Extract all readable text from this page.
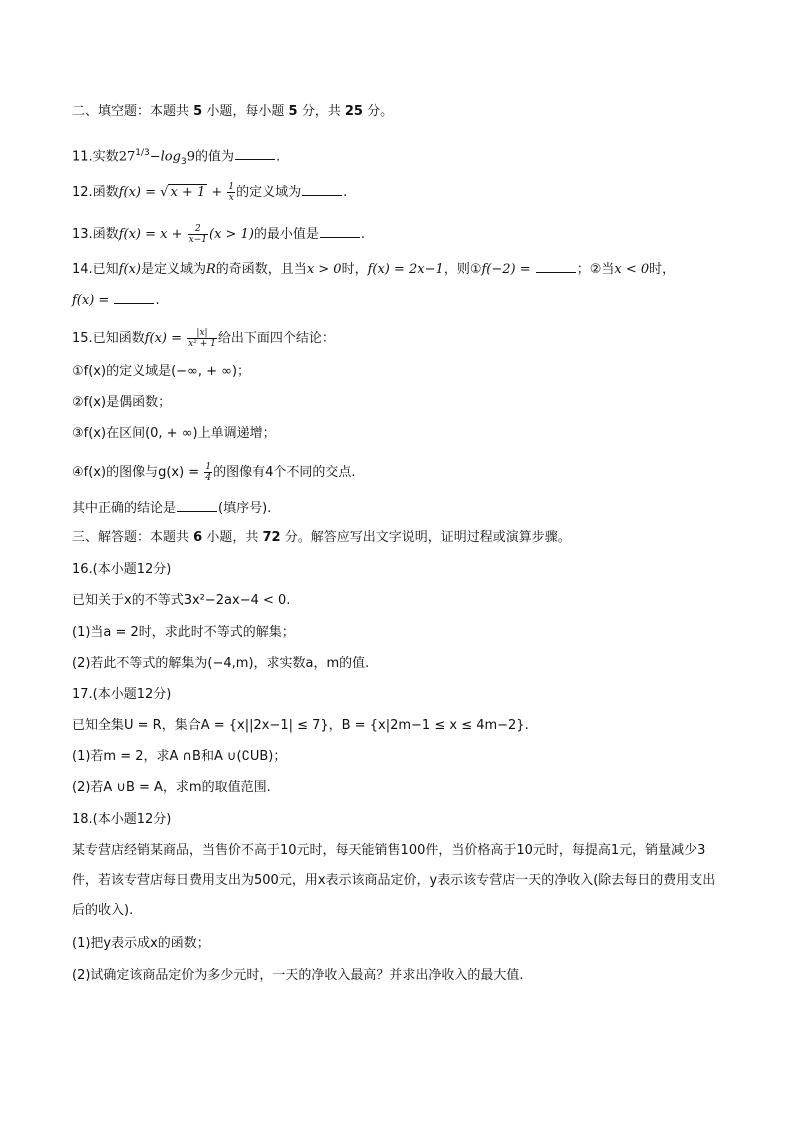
二、填空题：本题共 5 小题，每小题 5 分，共 25 分。
11.实数$27^{1/3}-\log_39$的值为	.
12.函数f(x) = √ $x + 1 + \frac{1}{x}$ 的定义域为	.
13.函数$f(x) = x + \frac{2}{x-1} (x > 1)$的最小值是	.
14.已知f(x)是定义域为R的奇函数，且当x > 0时，f(x) = 2x−1，则①f(−2) =	；②当x < 0时，
f(x) =	.
15.已知函数$f(x) = \frac{|x|}{\text{x² + 1}}$ 给出下面四个结论：
①f(x)的定义域是(−∞, + ∞)；
②f(x)是偶函数；
③f(x)在区间(0, + ∞)上单调递增；
④f(x)的图像与$g(x) = \frac{1}{4}$ 的图像有4个不同的交点.
其中正确的结论是	(填序号).
三、解答题：本题共 6 小题，共 72 分。解答应写出文字说明，证明过程或演算步骤。
16.(本小题12分)
已知关于x的不等式3x²−2ax−4 < 0.
(1)当a = 2时，求此时不等式的解集；
(2)若此不等式的解集为(−4,m)，求实数a，m的值.
17.(本小题12分)
已知全集U = R，集合A = {x||2x−1| ≤ 7}，B = {x|2m−1 ≤ x ≤ 4m−2}.
(1)若m = 2，求A ∩B和A ∪(∁UB)；
(2)若A ∪B = A，求m的取值范围.
18.(本小题12分)
某专营店经销某商品，当售价不高于10元时，每天能销售100件，当价格高于10元时，每提高1元，销量减少3件，若该专营店每日费用支出为500元，用x表示该商品定价，y表示该专营店一天的净收入(除去每日的费用支出后的收入).
(1)把y表示成x的函数；
(2)试确定该商品定价为多少元时，一天的净收入最高？并求出净收入的最大值.
